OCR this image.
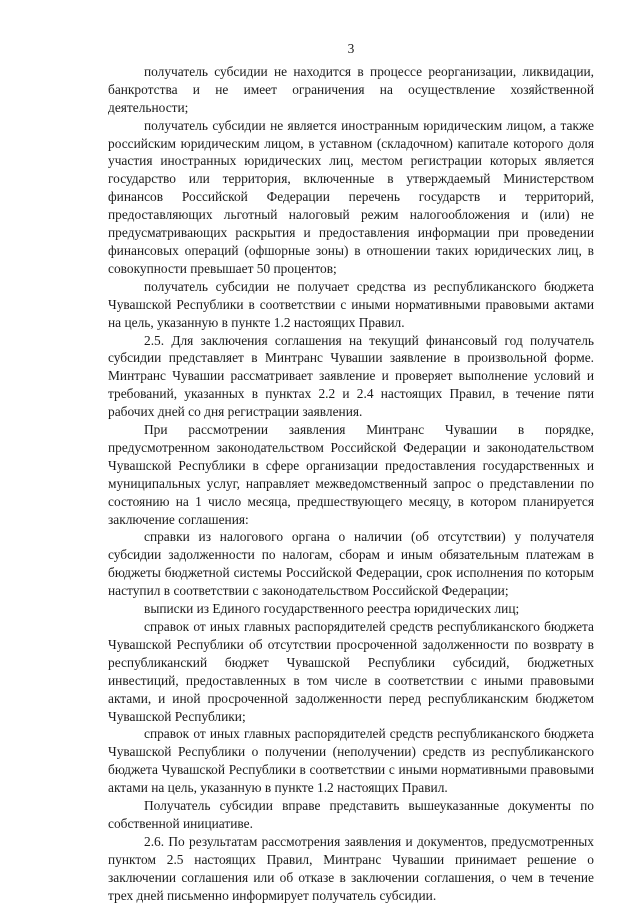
3

получатель субсидии не находится в процессе реорганизации, ликвидации, банкротства и не имеет ограничения на осуществление хозяйственной деятельности;

получатель субсидии не является иностранным юридическим лицом, а также российским юридическим лицом, в уставном (складочном) капитале которого доля участия иностранных юридических лиц, местом регистрации которых является государство или территория, включенные в утверждаемый Министерством финансов Российской Федерации перечень государств и территорий, предоставляющих льготный налоговый режим налогообложения и (или) не предусматривающих раскрытия и предоставления информации при проведении финансовых операций (офшорные зоны) в отношении таких юридических лиц, в совокупности превышает 50 процентов;

получатель субсидии не получает средства из республиканского бюджета Чувашской Республики в соответствии с иными нормативными правовыми актами на цель, указанную в пункте 1.2 настоящих Правил.

2.5. Для заключения соглашения на текущий финансовый год получатель субсидии представляет в Минтранс Чувашии заявление в произвольной форме. Минтранс Чувашии рассматривает заявление и проверяет выполнение условий и требований, указанных в пунктах 2.2 и 2.4 настоящих Правил, в течение пяти рабочих дней со дня регистрации заявления.

При рассмотрении заявления Минтранс Чувашии в порядке, предусмотренном законодательством Российской Федерации и законодательством Чувашской Республики в сфере организации предоставления государственных и муниципальных услуг, направляет межведомственный запрос о представлении по состоянию на 1 число месяца, предшествующего месяцу, в котором планируется заключение соглашения:

справки из налогового органа о наличии (об отсутствии) у получателя субсидии задолженности по налогам, сборам и иным обязательным платежам в бюджеты бюджетной системы Российской Федерации, срок исполнения по которым наступил в соответствии с законодательством Российской Федерации;

выписки из Единого государственного реестра юридических лиц;

справок от иных главных распорядителей средств республиканского бюджета Чувашской Республики об отсутствии просроченной задолженности по возврату в республиканский бюджет Чувашской Республики субсидий, бюджетных инвестиций, предоставленных в том числе в соответствии с иными правовыми актами, и иной просроченной задолженности перед республиканским бюджетом Чувашской Республики;

справок от иных главных распорядителей средств республиканского бюджета Чувашской Республики о получении (неполучении) средств из республиканского бюджета Чувашской Республики в соответствии с иными нормативными правовыми актами на цель, указанную в пункте 1.2 настоящих Правил.

Получатель субсидии вправе представить вышеуказанные документы по собственной инициативе.

2.6. По результатам рассмотрения заявления и документов, предусмотренных пунктом 2.5 настоящих Правил, Минтранс Чувашии принимает решение о заключении соглашения или об отказе в заключении соглашения, о чем в течение трех дней письменно информирует получатель субсидии.
